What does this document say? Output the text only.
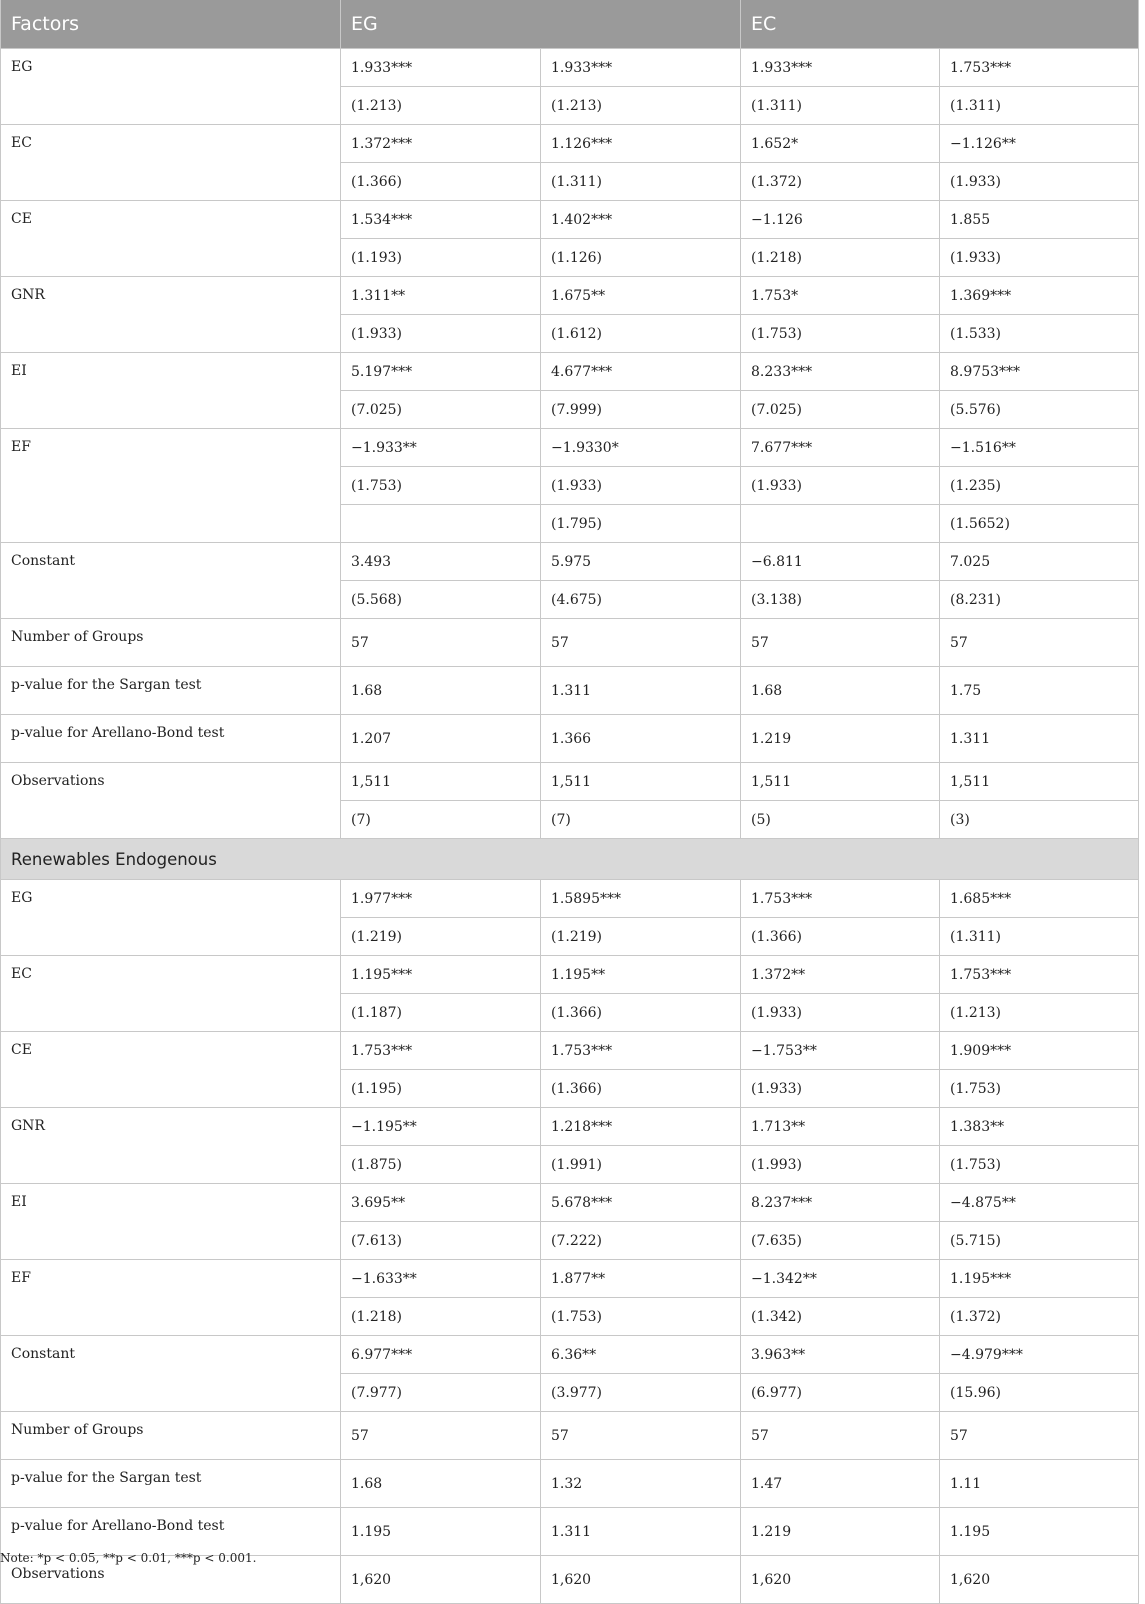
Factors	EG		EC	
EG	1.933***	1.933***	1.933***	1.753***
	(1.213)	(1.213)	(1.311)	(1.311)
EC	1.372***	1.126***	1.652*	−1.126**
	(1.366)	(1.311)	(1.372)	(1.933)
CE	1.534***	1.402***	−1.126	1.855
	(1.193)	(1.126)	(1.218)	(1.933)
GNR	1.311**	1.675**	1.753*	1.369***
	(1.933)	(1.612)	(1.753)	(1.533)
EI	5.197***	4.677***	8.233***	8.9753***
	(7.025)	(7.999)	(7.025)	(5.576)
EF	−1.933**	−1.9330*	7.677***	−1.516**
	(1.753)	(1.933)	(1.933)	(1.235)
		(1.795)		(1.5652)
Constant	3.493	5.975	−6.811	7.025
	(5.568)	(4.675)	(3.138)	(8.231)
Number of Groups	57	57	57	57
p-value for the Sargan test	1.68	1.311	1.68	1.75
p-value for Arellano-Bond test	1.207	1.366	1.219	1.311
Observations	1,511	1,511	1,511	1,511
	(7)	(7)	(5)	(3)
Renewables Endogenous				
EG	1.977***	1.5895***	1.753***	1.685***
	(1.219)	(1.219)	(1.366)	(1.311)
EC	1.195***	1.195**	1.372**	1.753***
	(1.187)	(1.366)	(1.933)	(1.213)
CE	1.753***	1.753***	−1.753**	1.909***
	(1.195)	(1.366)	(1.933)	(1.753)
GNR	−1.195**	1.218***	1.713**	1.383**
	(1.875)	(1.991)	(1.993)	(1.753)
EI	3.695**	5.678***	8.237***	−4.875**
	(7.613)	(7.222)	(7.635)	(5.715)
EF	−1.633**	1.877**	−1.342**	1.195***
	(1.218)	(1.753)	(1.342)	(1.372)
Constant	6.977***	6.36**	3.963**	−4.979***
	(7.977)	(3.977)	(6.977)	(15.96)
Number of Groups	57	57	57	57
p-value for the Sargan test	1.68	1.32	1.47	1.11
p-value for Arellano-Bond test	1.195	1.311	1.219	1.195
Observations	1,620	1,620	1,620	1,620
Note: *p < 0.05, **p < 0.01, ***p < 0.001.
